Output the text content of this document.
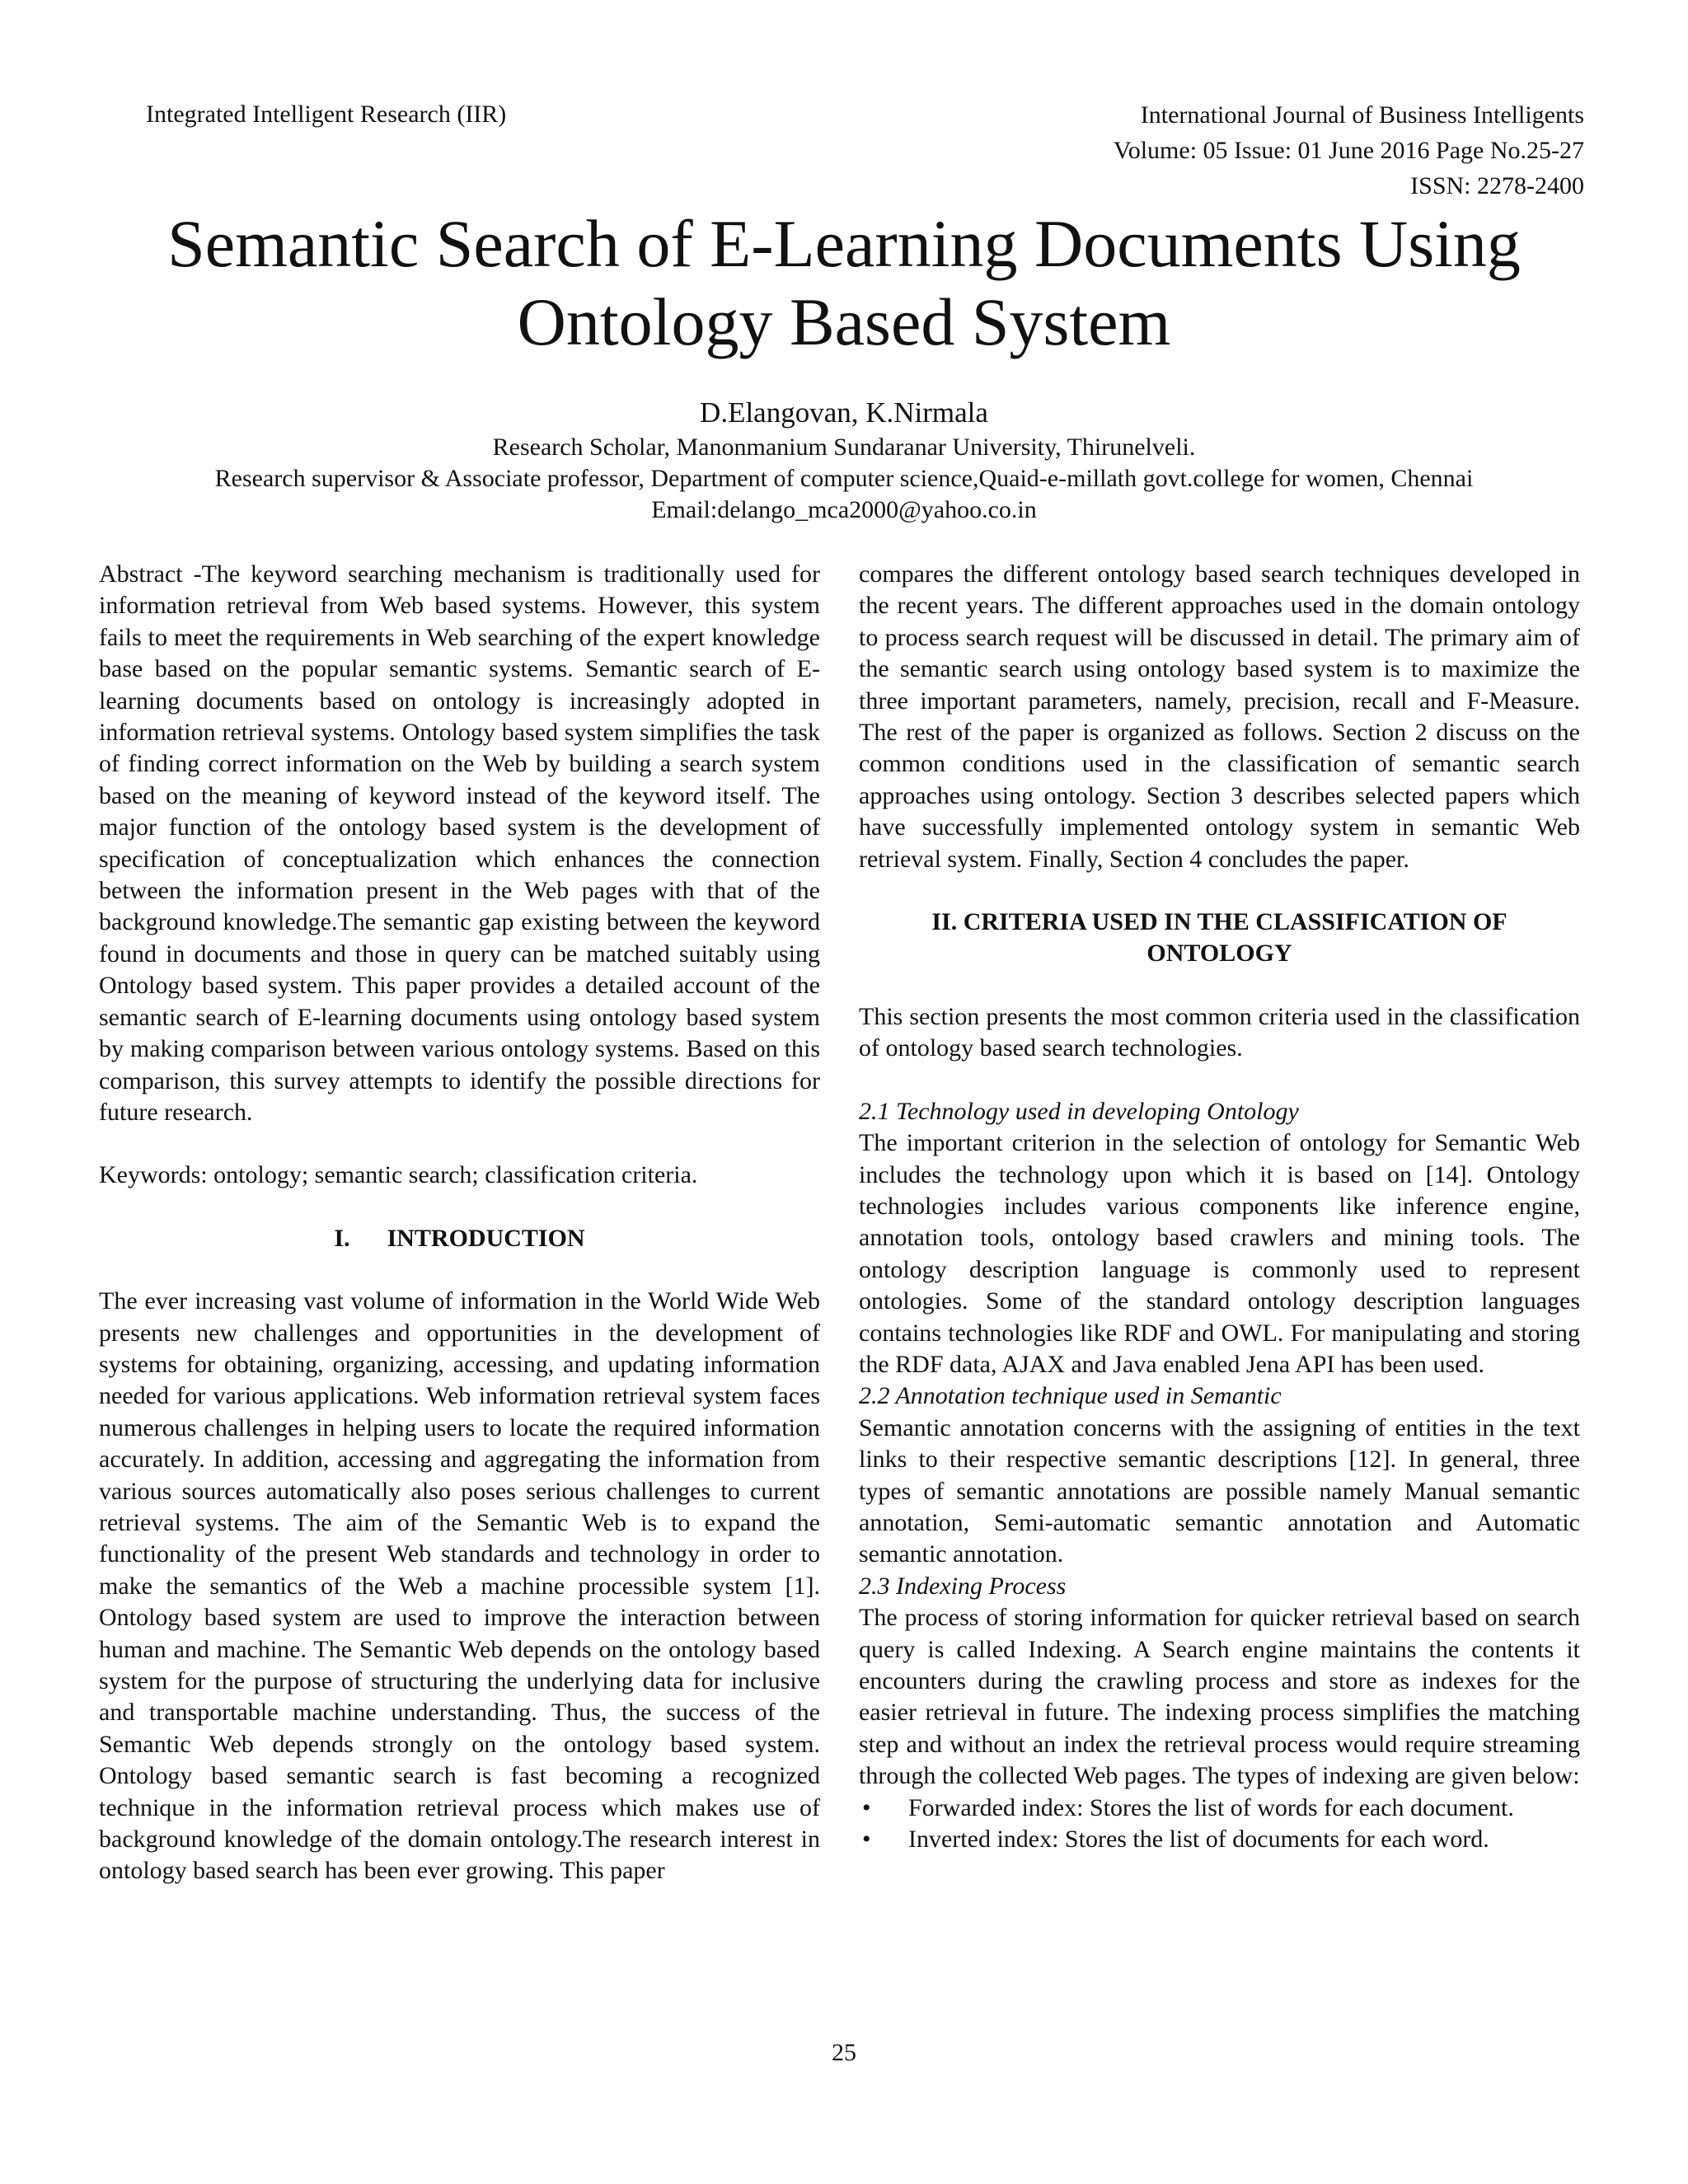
Integrated Intelligent Research (IIR)	International Journal of Business Intelligents
Volume: 05 Issue: 01 June 2016 Page No.25-27
ISSN: 2278-2400
Semantic Search of E-Learning Documents Using
Ontology Based System
D.Elangovan, K.Nirmala
Research Scholar, Manonmanium Sundaranar University, Thirunelveli.
Research supervisor & Associate professor, Department of computer science,Quaid-e-millath govt.college for women, Chennai
Email:delango_mca2000@yahoo.co.in

Abstract -The keyword searching mechanism is traditionally used for information retrieval from Web based systems. However, this system fails to meet the requirements in Web searching of the expert knowledge base based on the popular semantic systems. Semantic search of E-learning documents based on ontology is increasingly adopted in information retrieval systems. Ontology based system simplifies the task of finding correct information on the Web by building a search system based on the meaning of keyword instead of the keyword itself. The major function of the ontology based system is the development of specification of conceptualization which enhances the connection between the information present in the Web pages with that of the background knowledge.The semantic gap existing between the keyword found in documents and those in query can be matched suitably using Ontology based system. This paper provides a detailed account of the semantic search of E-learning documents using ontology based system by making comparison between various ontology systems. Based on this comparison, this survey attempts to identify the possible directions for future research.

Keywords: ontology; semantic search; classification criteria.

I.      INTRODUCTION

The ever increasing vast volume of information in the World Wide Web presents new challenges and opportunities in the development of systems for obtaining, organizing, accessing, and updating information needed for various applications. Web information retrieval system faces numerous challenges in helping users to locate the required information accurately. In addition, accessing and aggregating the information from various sources automatically also poses serious challenges to current retrieval systems. The aim of the Semantic Web is to expand the functionality of the present Web standards and technology in order to make the semantics of the Web a machine processible system [1]. Ontology based system are used to improve the interaction between human and machine. The Semantic Web depends on the ontology based system for the purpose of structuring the underlying data for inclusive and transportable machine understanding. Thus, the success of the Semantic Web depends strongly on the ontology based system. Ontology based semantic search is fast becoming a recognized technique in the information retrieval process which makes use of background knowledge of the domain ontology.The research interest in ontology based search has been ever growing. This paper

compares the different ontology based search techniques developed in the recent years. The different approaches used in the domain ontology to process search request will be discussed in detail. The primary aim of the semantic search using ontology based system is to maximize the three important parameters, namely, precision, recall and F-Measure. The rest of the paper is organized as follows. Section 2 discuss on the common conditions used in the classification of semantic search approaches using ontology. Section 3 describes selected papers which have successfully implemented ontology system in semantic Web retrieval system. Finally, Section 4 concludes the paper.

II. CRITERIA USED IN THE CLASSIFICATION OF
ONTOLOGY

This section presents the most common criteria used in the classification of ontology based search technologies.

2.1 Technology used in developing Ontology

The important criterion in the selection of ontology for Semantic Web includes the technology upon which it is based on [14]. Ontology technologies includes various components like inference engine, annotation tools, ontology based crawlers and mining tools. The ontology description language is commonly used to represent ontologies. Some of the standard ontology description languages contains technologies like RDF and OWL. For manipulating and storing the RDF data, AJAX and Java enabled Jena API has been used.

2.2 Annotation technique used in Semantic

Semantic annotation concerns with the assigning of entities in the text links to their respective semantic descriptions [12]. In general, three types of semantic annotations are possible namely Manual semantic annotation, Semi-automatic semantic annotation and Automatic semantic annotation.

2.3 Indexing Process

The process of storing information for quicker retrieval based on search query is called Indexing. A Search engine maintains the contents it encounters during the crawling process and store as indexes for the easier retrieval in future. The indexing process simplifies the matching step and without an index the retrieval process would require streaming through the collected Web pages. The types of indexing are given below:

• Forwarded index: Stores the list of words for each document.
• Inverted index: Stores the list of documents for each word.
25
